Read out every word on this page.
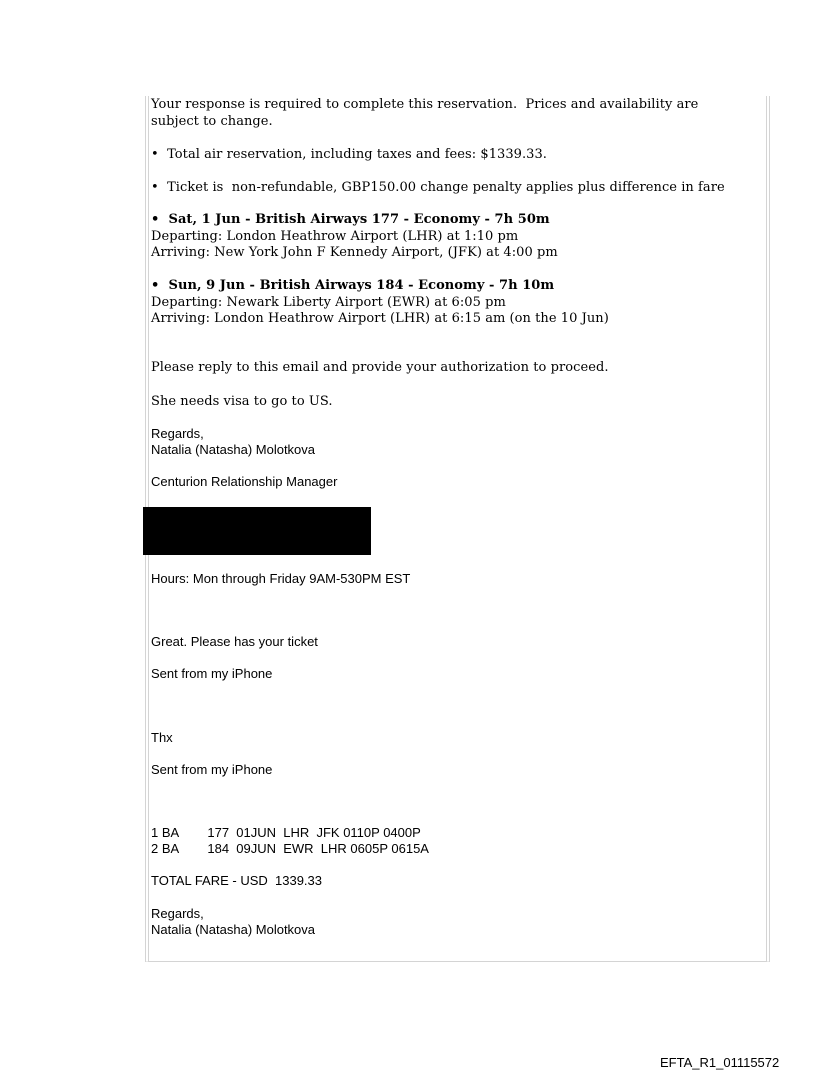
Your response is required to complete this reservation.  Prices and availability are

subject to change.

•  Total air reservation, including taxes and fees: $1339.33.

•  Ticket is  non-refundable, GBP150.00 change penalty applies plus difference in fare

•  Sat, 1 Jun - British Airways 177 - Economy - 7h 50m

Departing: London Heathrow Airport (LHR) at 1:10 pm

Arriving: New York John F Kennedy Airport, (JFK) at 4:00 pm

•  Sun, 9 Jun - British Airways 184 - Economy - 7h 10m

Departing: Newark Liberty Airport (EWR) at 6:05 pm

Arriving: London Heathrow Airport (LHR) at 6:15 am (on the 10 Jun)

Please reply to this email and provide your authorization to proceed.

She needs visa to go to US.

Regards,

Natalia (Natasha) Molotkova

Centurion Relationship Manager

Hours: Mon through Friday 9AM-530PM EST

Great. Please has your ticket

Sent from my iPhone

Thx

Sent from my iPhone

1 BA        177  01JUN  LHR  JFK 0110P 0400P

2 BA        184  09JUN  EWR  LHR 0605P 0615A

TOTAL FARE - USD  1339.33

Regards,

Natalia (Natasha) Molotkova

EFTA_R1_01115572
